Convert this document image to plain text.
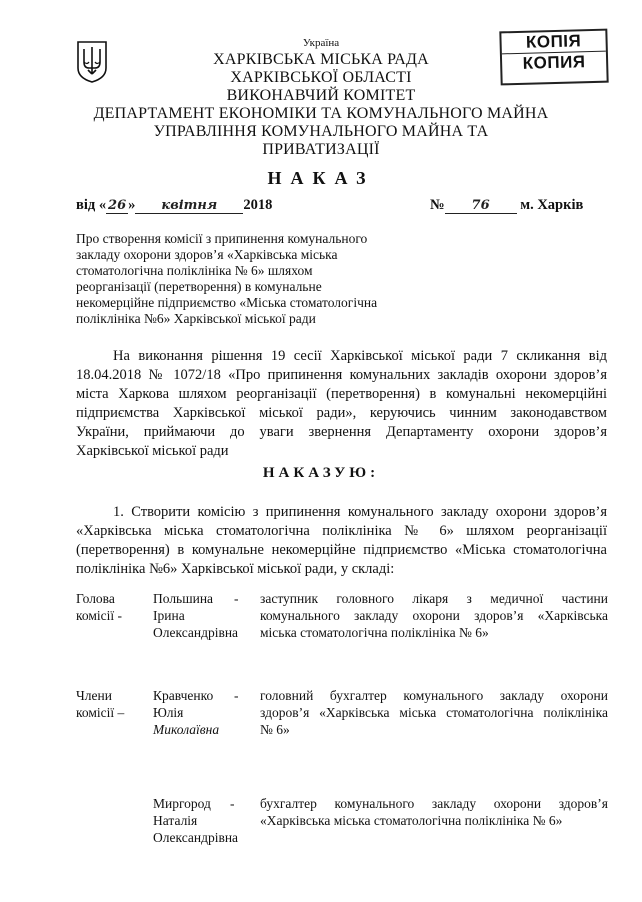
КОПІЯ
КОПИЯ
Україна
ХАРКІВСЬКА МІСЬКА РАДА
ХАРКІВСЬКОЇ ОБЛАСТІ
ВИКОНАВЧИЙ КОМІТЕТ
ДЕПАРТАМЕНТ ЕКОНОМІКИ ТА КОМУНАЛЬНОГО МАЙНА
УПРАВЛІННЯ КОМУНАЛЬНОГО МАЙНА ТА
ПРИВАТИЗАЦІЇ
НАКАЗ
від « 26 » квітня 2018	№ 76 м. Харків
Про створення комісії з припинення комунального
закладу охорони здоров’я «Харківська міська
стоматологічна поліклініка № 6» шляхом
реорганізації (перетворення) в комунальне
некомерційне підприємство «Міська стоматологічна
поліклініка №6» Харківської міської ради
На виконання рішення 19 сесії Харківської міської ради 7 скликання від
18.04.2018 № 1072/18 «Про припинення комунальних закладів охорони здоров’я
міста Харкова шляхом реорганізації (перетворення) в комунальні некомерційні
підприємства Харківської міської ради», керуючись чинним законодавством
України, приймаючи до уваги звернення Департаменту охорони здоров’я
Харківської міської ради
НАКАЗУЮ:
1. Створити комісію з припинення комунального закладу охорони здоров’я
«Харківська міська стоматологічна поліклініка № 6» шляхом реорганізації
(перетворення) в комунальне некомерційне підприємство «Міська стоматологічна
поліклініка №6» Харківської міської ради, у складі:
Голова
комісії -
Польшина
Ірина
Олександрівна
- заступник головного лікаря з медичної частини
комунального закладу охорони здоров’я «Харківська
міська стоматологічна поліклініка № 6»
Члени
комісії –
Кравченко
Юлія
Миколаївна
- головний бухгалтер комунального закладу охорони
здоров’я «Харківська міська стоматологічна поліклініка
№ 6»
Миргород
Наталія
Олександрівна
- бухгалтер комунального закладу охорони здоров’я
«Харківська міська стоматологічна поліклініка № 6»
